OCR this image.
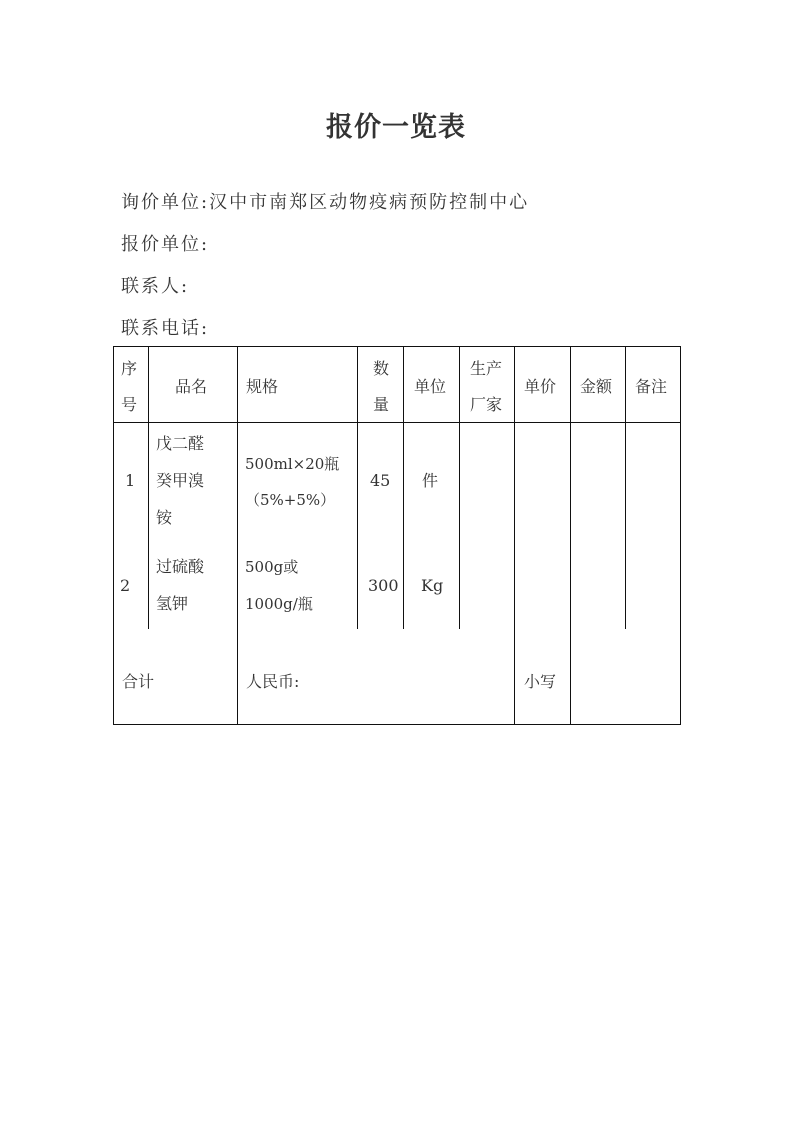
报价一览表
询价单位:汉中市南郑区动物疫病预防控制中心
报价单位:
联系人:
联系电话:
序
号
品名 规格
数
量
单位
生产
厂家
单价 金额 备注
1
戊二醛
癸甲溴
铵
500ml×20瓶
（5%+5%）
45 件
2
过硫酸
氢钾
500g或
1000g/瓶
300 Kg
合计	人民币:	小写
